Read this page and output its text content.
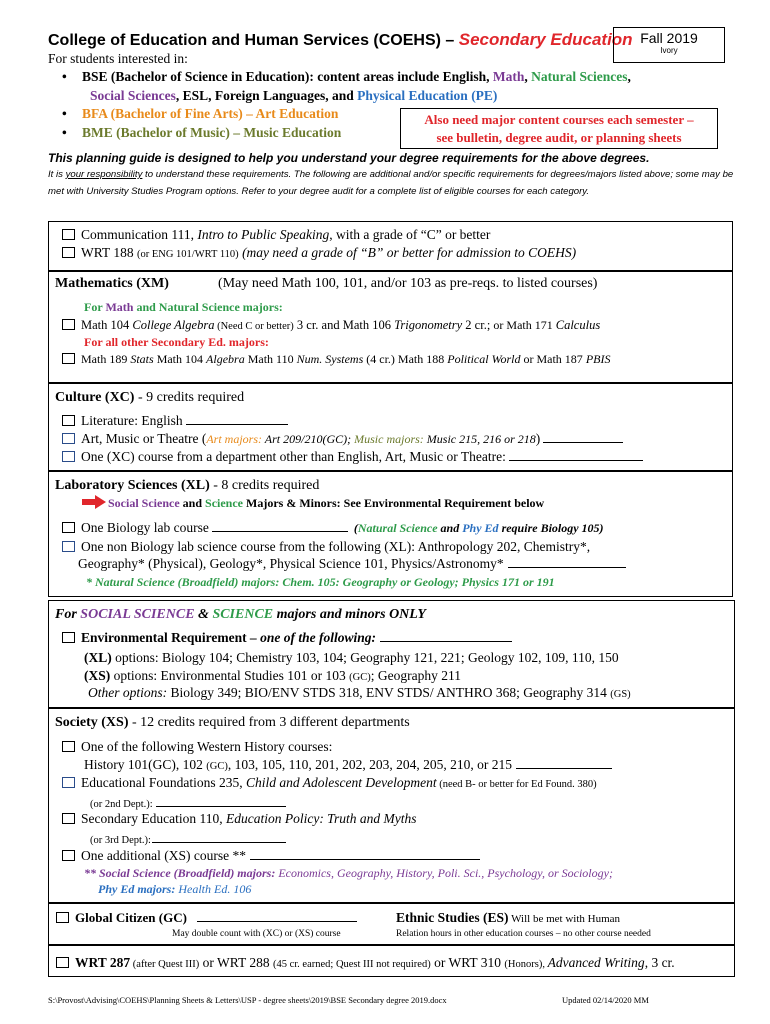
College of Education and Human Services (COEHS) – Secondary Education Fall 2019
Ivory
For students interested in:
• BSE (Bachelor of Science in Education): content areas include English, Math, Natural Sciences,
Social Sciences, ESL, Foreign Languages, and Physical Education (PE)
• BFA (Bachelor of Fine Arts) – Art Education
• BME (Bachelor of Music) – Music Education
Also need major content courses each semester –
see bulletin, degree audit, or planning sheets
This planning guide is designed to help you understand your degree requirements for the above degrees.
It is your responsibility to understand these requirements. The following are additional and/or specific requirements for degrees/majors listed above; some may be met with University Studies Program options. Refer to your degree audit for a complete list of eligible courses for each category.
Communication 111, Intro to Public Speaking, with a grade of “C” or better
WRT 188 (or ENG 101/WRT 110) (may need a grade of “B” or better for admission to COEHS)
Mathematics (XM)	(May need Math 100, 101, and/or 103 as pre-reqs. to listed courses)
For Math and Natural Science majors:
Math 104 College Algebra (Need C or better) 3 cr. and Math 106 Trigonometry 2 cr.; or Math 171 Calculus
For all other Secondary Ed. majors:
Math 189 Stats Math 104 Algebra Math 110 Num. Systems (4 cr.) Math 188 Political World or Math 187 PBIS
Culture (XC) - 9 credits required
Literature: English
Art, Music or Theatre (Art majors: Art 209/210(GC); Music majors: Music 215, 216 or 218)
One (XC) course from a department other than English, Art, Music or Theatre:
Laboratory Sciences (XL) - 8 credits required
Social Science and Science Majors & Minors: See Environmental Requirement below
One Biology lab course	(Natural Science and Phy Ed require Biology 105)
One non Biology lab science course from the following (XL): Anthropology 202, Chemistry*,
Geography* (Physical), Geology*, Physical Science 101, Physics/Astronomy*
* Natural Science (Broadfield) majors: Chem. 105: Geography or Geology; Physics 171 or 191
For SOCIAL SCIENCE & SCIENCE majors and minors ONLY
Environmental Requirement – one of the following:
(XL) options: Biology 104; Chemistry 103, 104; Geography 121, 221; Geology 102, 109, 110, 150
(XS) options: Environmental Studies 101 or 103 (GC); Geography 211
Other options: Biology 349; BIO/ENV STDS 318, ENV STDS/ ANTHRO 368; Geography 314 (GS)
Society (XS) - 12 credits required from 3 different departments
One of the following Western History courses:
History 101(GC), 102 (GC), 103, 105, 110, 201, 202, 203, 204, 205, 210, or 215
Educational Foundations 235, Child and Adolescent Development (need B- or better for Ed Found. 380)
(or 2nd Dept.):
Secondary Education 110, Education Policy: Truth and Myths
(or 3rd Dept.):
One additional (XS) course **
** Social Science (Broadfield) majors: Economics, Geography, History, Poli. Sci., Psychology, or Sociology;
Phy Ed majors: Health Ed. 106
Global Citizen (GC)
May double count with (XC) or (XS) course
Ethnic Studies (ES) Will be met with Human
Relation hours in other education courses – no other course needed
WRT 287 (after Quest III) or WRT 288 (45 cr. earned; Quest III not required) or WRT 310 (Honors), Advanced Writing, 3 cr.
S:\Provost\Advising\COEHS\Planning Sheets & Letters\USP - degree sheets\2019\BSE Secondary degree 2019.docx	Updated 02/14/2020 MM
